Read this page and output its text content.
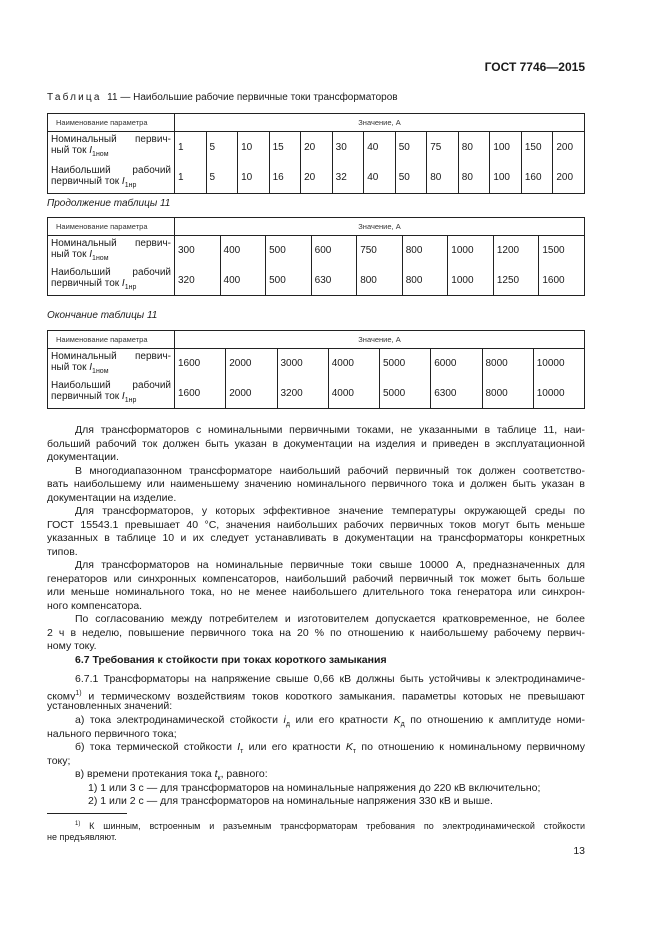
ГОСТ 7746—2015
Таблица 11 — Наибольшие рабочие первичные токи трансформаторов
Наименование параметра	Значение, А												
Номинальный первич-ный ток $I_{1ном}$	1	5	10	15	20	30	40	50	75	80	100	150	200
Наибольший рабочий первичный ток $I_{1нр}$	1	5	10	16	20	32	40	50	80	80	100	160	200
Продолжение таблицы 11
Наименование параметра	Значение, А								
Номинальный первич-ный ток $I_{1ном}$	300	400	500	600	750	800	1000	1200	1500
Наибольший рабочий первичный ток $I_{1нр}$	320	400	500	630	800	800	1000	1250	1600
Окончание таблицы 11
Наименование параметра	Значение, А							
Номинальный первич-ный ток $I_{1ном}$	1600	2000	3000	4000	5000	6000	8000	10000
Наибольший рабочий первичный ток $I_{1нр}$	1600	2000	3200	4000	5000	6300	8000	10000
Для трансформаторов с номинальными первичными токами, не указанными в таблице 11, наи-
больший рабочий ток должен быть указан в документации на изделия и приведен в эксплуатационной
документации.
В многодиапазонном трансформаторе наибольший рабочий первичный ток должен соответство-
вать наибольшему или наименьшему значению номинального первичного тока и должен быть указан в
документации на изделие.
Для трансформаторов, у которых эффективное значение температуры окружающей среды по
ГОСТ 15543.1 превышает 40 °С, значения наибольших рабочих первичных токов могут быть меньше
указанных в таблице 10 и их следует устанавливать в документации на трансформаторы конкретных
типов.
Для трансформаторов на номинальные первичные токи свыше 10000 А, предназначенных для
генераторов или синхронных компенсаторов, наибольший рабочий первичный ток может быть больше
или меньше номинального тока, но не менее наибольшего длительного тока генератора или синхрон-
ного компенсатора.
По согласованию между потребителем и изготовителем допускается кратковременное, не более
2 ч в неделю, повышение первичного тока на 20 % по отношению к наибольшему рабочему первич-
ному току.
6.7 Требования к стойкости при токах короткого замыкания
6.7.1 Трансформаторы на напряжение свыше 0,66 кВ должны быть устойчивы к электродинамиче-
скому$^{1)}$ и термическому воздействиям токов короткого замыкания, параметры которых не превышают
установленных значений:
а) тока электродинамической стойкости $i_д$ или его кратности $K_д$ по отношению к амплитуде номи-
нального первичного тока;
б) тока термической стойкости $I_т$ или его кратности $K_т$ по отношению к номинальному первичному
току;
в) времени протекания тока $t_к$, равного:
1) 1 или 3 с — для трансформаторов на номинальные напряжения до 220 кВ включительно;
2) 1 или 2 с — для трансформаторов на номинальные напряжения 330 кВ и выше.
$^{1)}$ К шинным, встроенным и разъемным трансформаторам требования по электродинамической стойкости
не предъявляют.
13
